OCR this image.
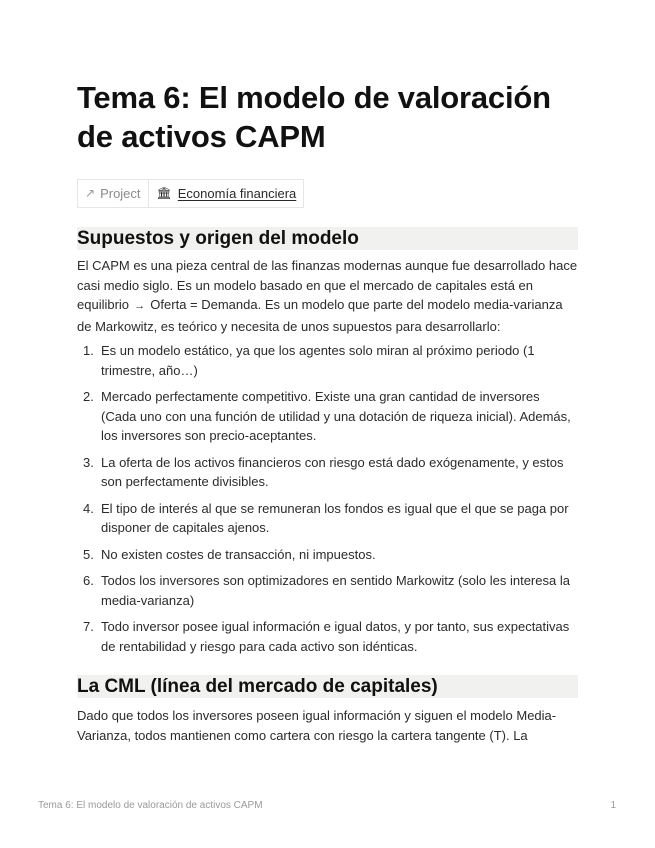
Tema 6: El modelo de valoración de activos CAPM
↗ Project 🏛 Economía financiera
Supuestos y origen del modelo

El CAPM es una pieza central de las finanzas modernas aunque fue desarrollado hace casi medio siglo. Es un modelo basado en que el mercado de capitales está en equilibrio → Oferta = Demanda. Es un modelo que parte del modelo media-varianza de Markowitz, es teórico y necesita de unos supuestos para desarrollarlo:

1. Es un modelo estático, ya que los agentes solo miran al próximo periodo (1 trimestre, año…)
2. Mercado perfectamente competitivo. Existe una gran cantidad de inversores (Cada uno con una función de utilidad y una dotación de riqueza inicial). Además, los inversores son precio-aceptantes.
3. La oferta de los activos financieros con riesgo está dado exógenamente, y estos son perfectamente divisibles.
4. El tipo de interés al que se remuneran los fondos es igual que el que se paga por disponer de capitales ajenos.
5. No existen costes de transacción, ni impuestos.
6. Todos los inversores son optimizadores en sentido Markowitz (solo les interesa la media-varianza)
7. Todo inversor posee igual información e igual datos, y por tanto, sus expectativas de rentabilidad y riesgo para cada activo son idénticas.
La CML (línea del mercado de capitales)

Dado que todos los inversores poseen igual información y siguen el modelo Media-Varianza, todos mantienen como cartera con riesgo la cartera tangente (T). La

Tema 6: El modelo de valoración de activos CAPM	1
